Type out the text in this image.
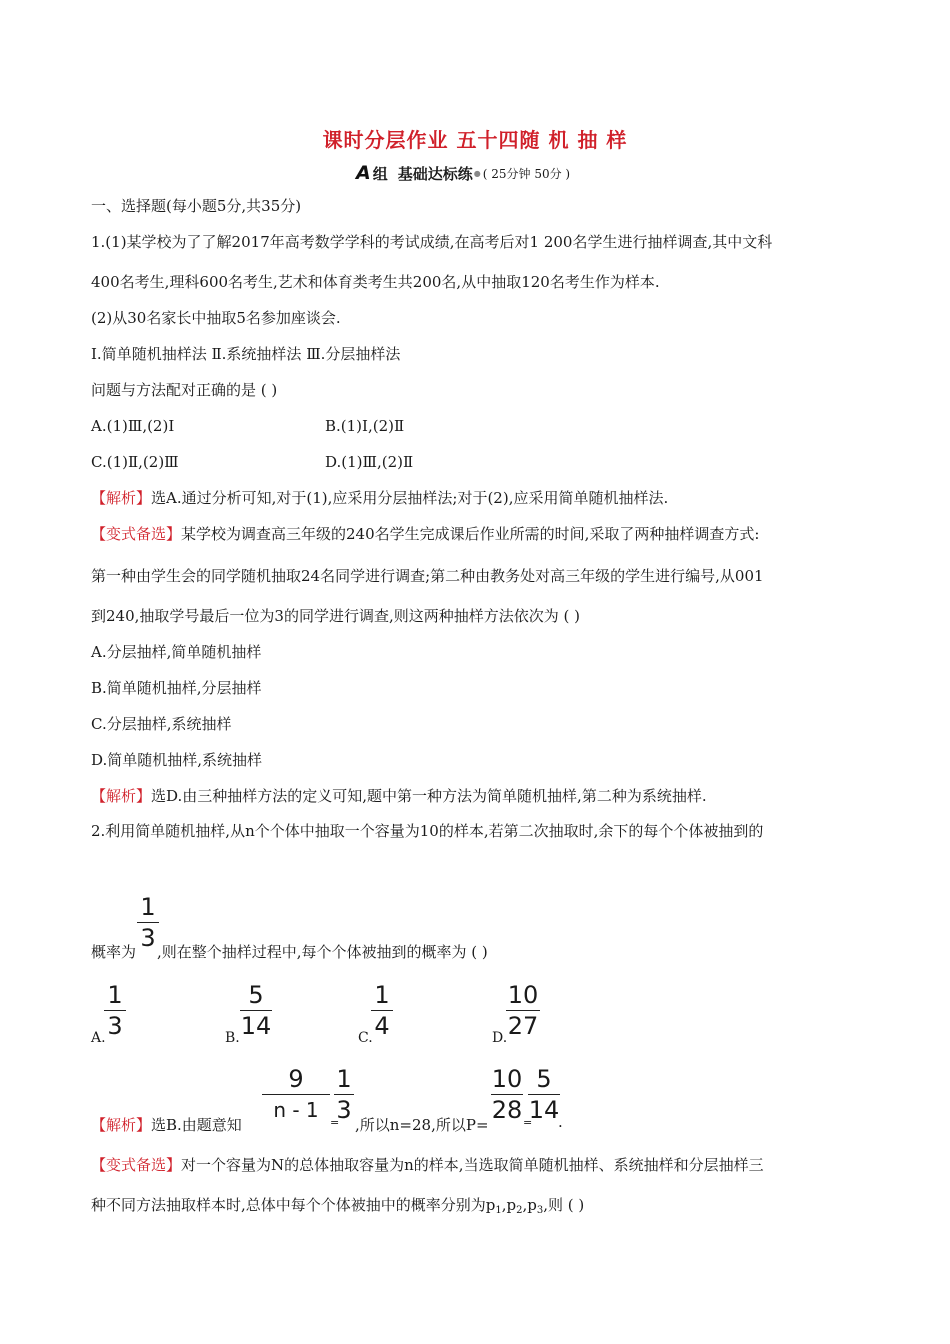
课时分层作业 五十四随 机 抽 样
A 组 基础达标练 ● ( 25分钟 50分 )
一、选择题(每小题5分,共35分)
1.(1)某学校为了了解2017年高考数学学科的考试成绩,在高考后对1 200名学生进行抽样调查,其中文科
400名考生,理科600名考生,艺术和体育类考生共200名,从中抽取120名考生作为样本.
(2)从30名家长中抽取5名参加座谈会.
Ⅰ.简单随机抽样法 Ⅱ.系统抽样法 Ⅲ.分层抽样法
问题与方法配对正确的是 ( )
A.(1)Ⅲ,(2)Ⅰ	B.(1)Ⅰ,(2)Ⅱ
C.(1)Ⅱ,(2)Ⅲ	D.(1)Ⅲ,(2)Ⅱ
【解析】选A.通过分析可知,对于(1),应采用分层抽样法;对于(2),应采用简单随机抽样法.
【变式备选】某学校为调查高三年级的240名学生完成课后作业所需的时间,采取了两种抽样调查方式:
第一种由学生会的同学随机抽取24名同学进行调查;第二种由教务处对高三年级的学生进行编号,从001
到240,抽取学号最后一位为3的同学进行调查,则这两种抽样方法依次为 ( )
A.分层抽样,简单随机抽样
B.简单随机抽样,分层抽样
C.分层抽样,系统抽样
D.简单随机抽样,系统抽样
【解析】选D.由三种抽样方法的定义可知,题中第一种方法为简单随机抽样,第二种为系统抽样.
2.利用简单随机抽样,从n个个体中抽取一个容量为10的样本,若第二次抽取时,余下的每个个体被抽到的
概率为
1
3 ,则在整个抽样过程中,每个个体被抽到的概率为 ( )
A.
1
3	B.
5
14	C.
1
4	D.
10
27
【解析】选B.由题意知
9
n - 1
=
1
3
,所以n=28,所以P=
10
28 =
5
14
.
【变式备选】对一个容量为N的总体抽取容量为n的样本,当选取简单随机抽样、系统抽样和分层抽样三
种不同方法抽取样本时,总体中每个个体被抽中的概率分别为$p_1,p_2,p_3$,则 ( )
